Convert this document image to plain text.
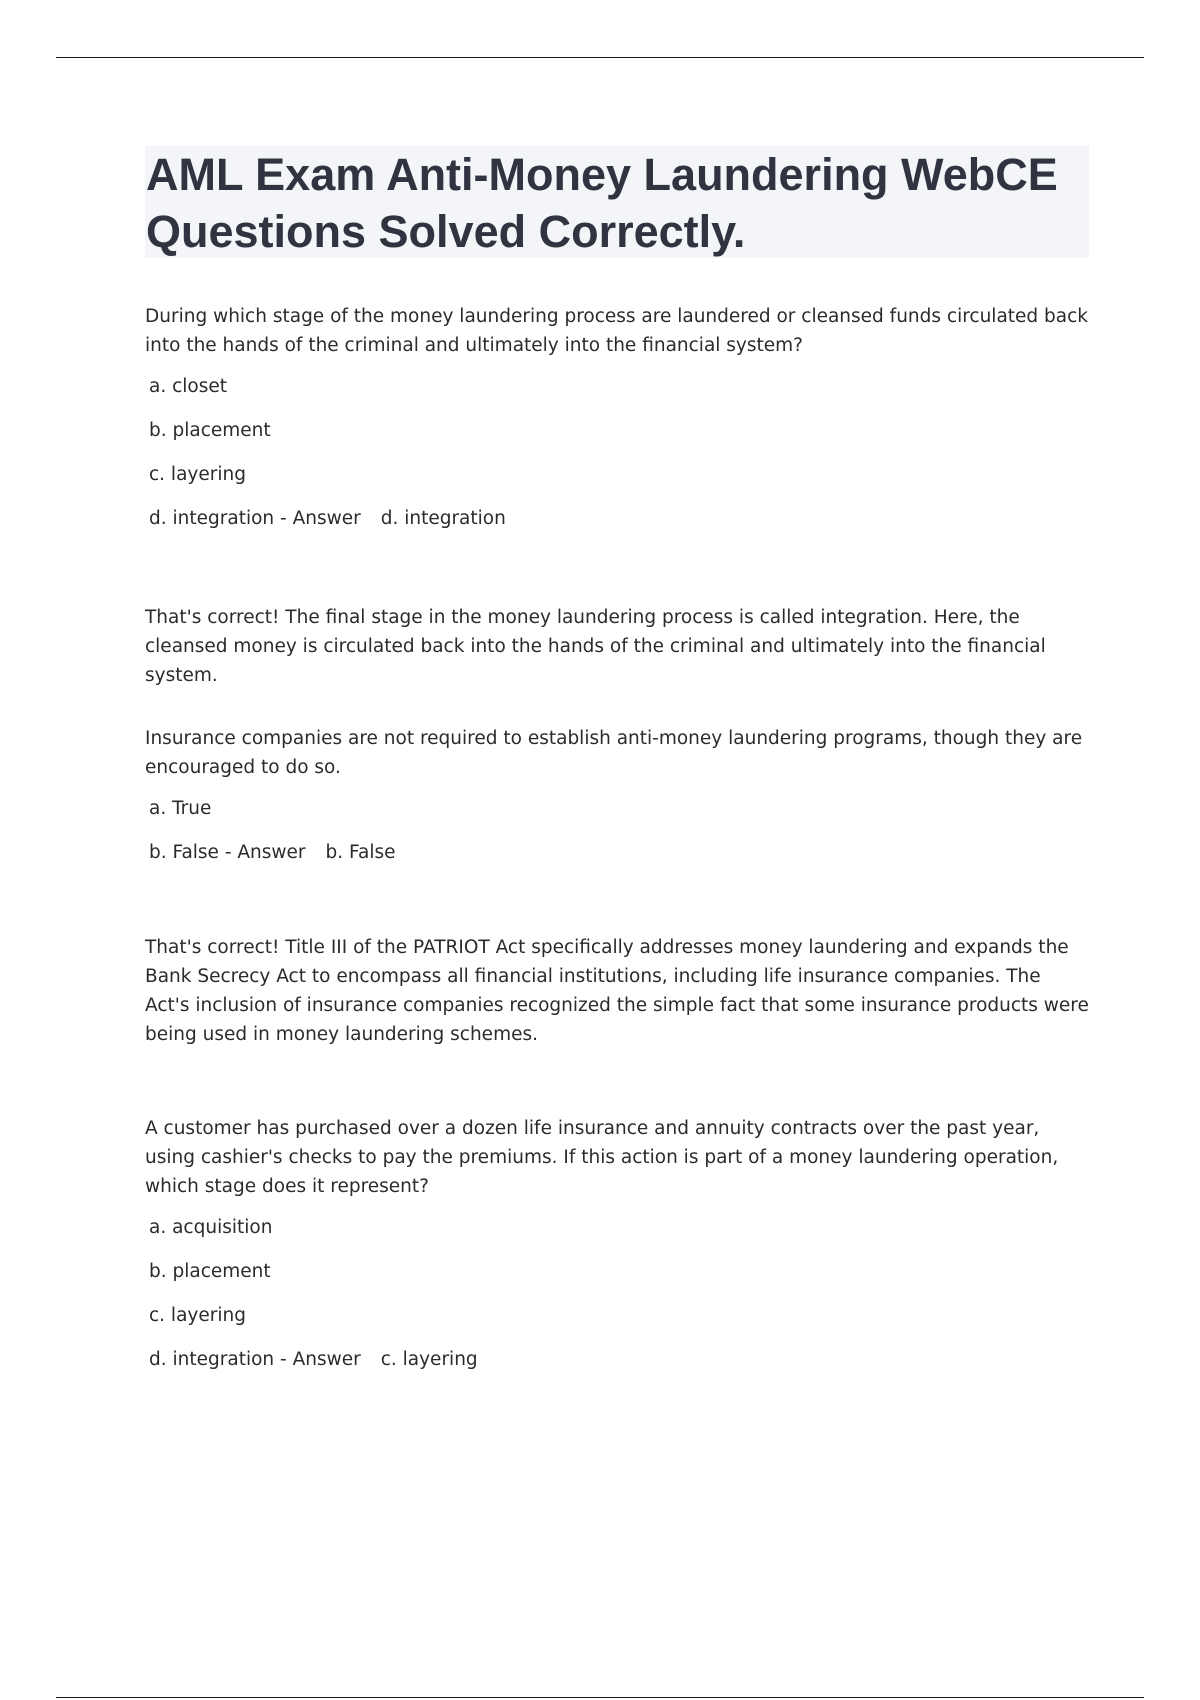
AML Exam Anti-Money Laundering WebCE Questions Solved Correctly.

During which stage of the money laundering process are laundered or cleansed funds circulated back into the hands of the criminal and ultimately into the financial system?

a. closet
b. placement
c. layering
d. integration - Answer d. integration

That's correct! The final stage in the money laundering process is called integration. Here, the cleansed money is circulated back into the hands of the criminal and ultimately into the financial system.

Insurance companies are not required to establish anti-money laundering programs, though they are encouraged to do so.

a. True
b. False - Answer b. False

That's correct! Title III of the PATRIOT Act specifically addresses money laundering and expands the Bank Secrecy Act to encompass all financial institutions, including life insurance companies. The Act's inclusion of insurance companies recognized the simple fact that some insurance products were being used in money laundering schemes.

A customer has purchased over a dozen life insurance and annuity contracts over the past year, using cashier's checks to pay the premiums. If this action is part of a money laundering operation, which stage does it represent?

a. acquisition
b. placement
c. layering
d. integration - Answer c. layering
